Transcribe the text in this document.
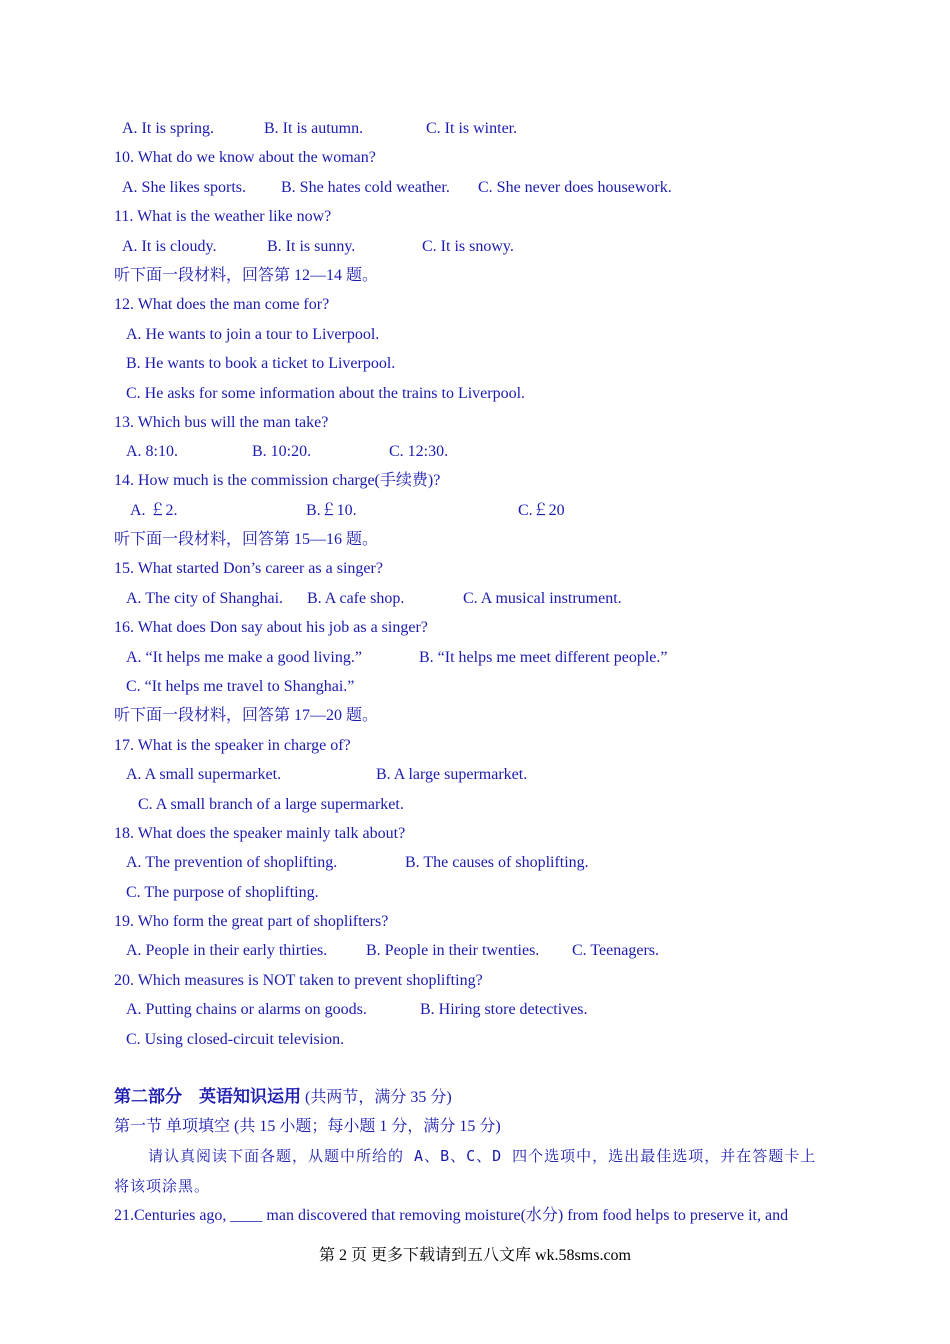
A. It is spring.	B. It is autumn.	C. It is winter.
10. What do we know about the woman?
A. She likes sports. B. She hates cold weather. C. She never does housework.
11. What is the weather like now?
A. It is cloudy.	B. It is sunny.	C. It is snowy.
听下面一段材料，回答第 12—14 题。
12. What does the man come for?
A. He wants to join a tour to Liverpool.
B. He wants to book a ticket to Liverpool.
C. He asks for some information about the trains to Liverpool.
13. Which bus will the man take?
A. 8:10.	B. 10:20.	C. 12:30.
14. How much is the commission charge(手续费)?
A. ￡2.	B.￡10.	C.￡20
听下面一段材料，回答第 15—16 题。
15. What started Don’s career as a singer?
A. The city of Shanghai. B. A cafe shop.	C. A musical instrument.
16. What does Don say about his job as a singer?
A. “It helps me make a good living.”	B. “It helps me meet different people.”
C. “It helps me travel to Shanghai.”
听下面一段材料，回答第 17—20 题。
17. What is the speaker in charge of?
A. A small supermarket.	B. A large supermarket.
C. A small branch of a large supermarket.
18. What does the speaker mainly talk about?
A. The prevention of shoplifting.	B. The causes of shoplifting.
C. The purpose of shoplifting.
19. Who form the great part of shoplifters?
A. People in their early thirties. B. People in their twenties. C. Teenagers.
20. Which measures is NOT taken to prevent shoplifting?
A. Putting chains or alarms on goods.	B. Hiring store detectives.
C. Using closed-circuit television.
第二部分　英语知识运用 (共两节，满分 35 分)
第一节 单项填空 (共 15 小题；每小题 1 分，满分 15 分)
请认真阅读下面各题，从题中所给的 A、B、C、D 四个选项中，选出最佳选项，并在答题卡上
将该项涂黑。
21.Centuries ago, ____ man discovered that removing moisture(水分) from food helps to preserve it, and
第 2 页 更多下载请到五八文库 wk.58sms.com
